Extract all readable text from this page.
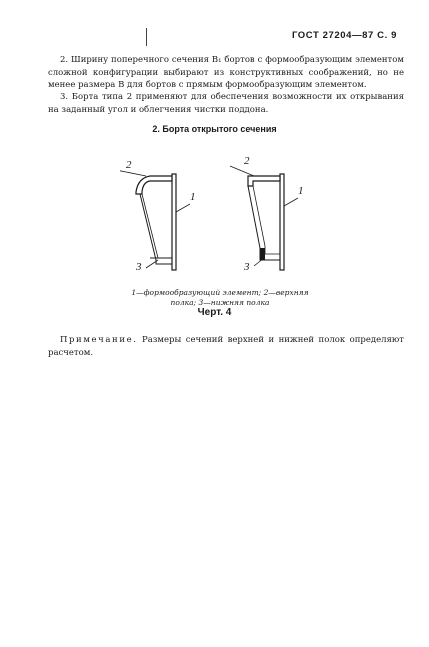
ГОСТ 27204—87 С. 9
2. Ширину поперечного сечения B₁ бортов с формообразующим элементом сложной конфигурации выбирают из конструктивных соображений, но не менее размера B для бортов с прямым формообразующим элементом.
3. Борта типа 2 применяют для обеспечения возможности их открывания на заданный угол и облегчения чистки поддона.
2. Борта открытого сечения
2
1
3
2
1
3
1—формообразующий элемент; 2—верхняя
полка; 3—нижняя полка
Черт. 4
Примечание. Размеры сечений верхней и нижней полок определяют расчетом.
